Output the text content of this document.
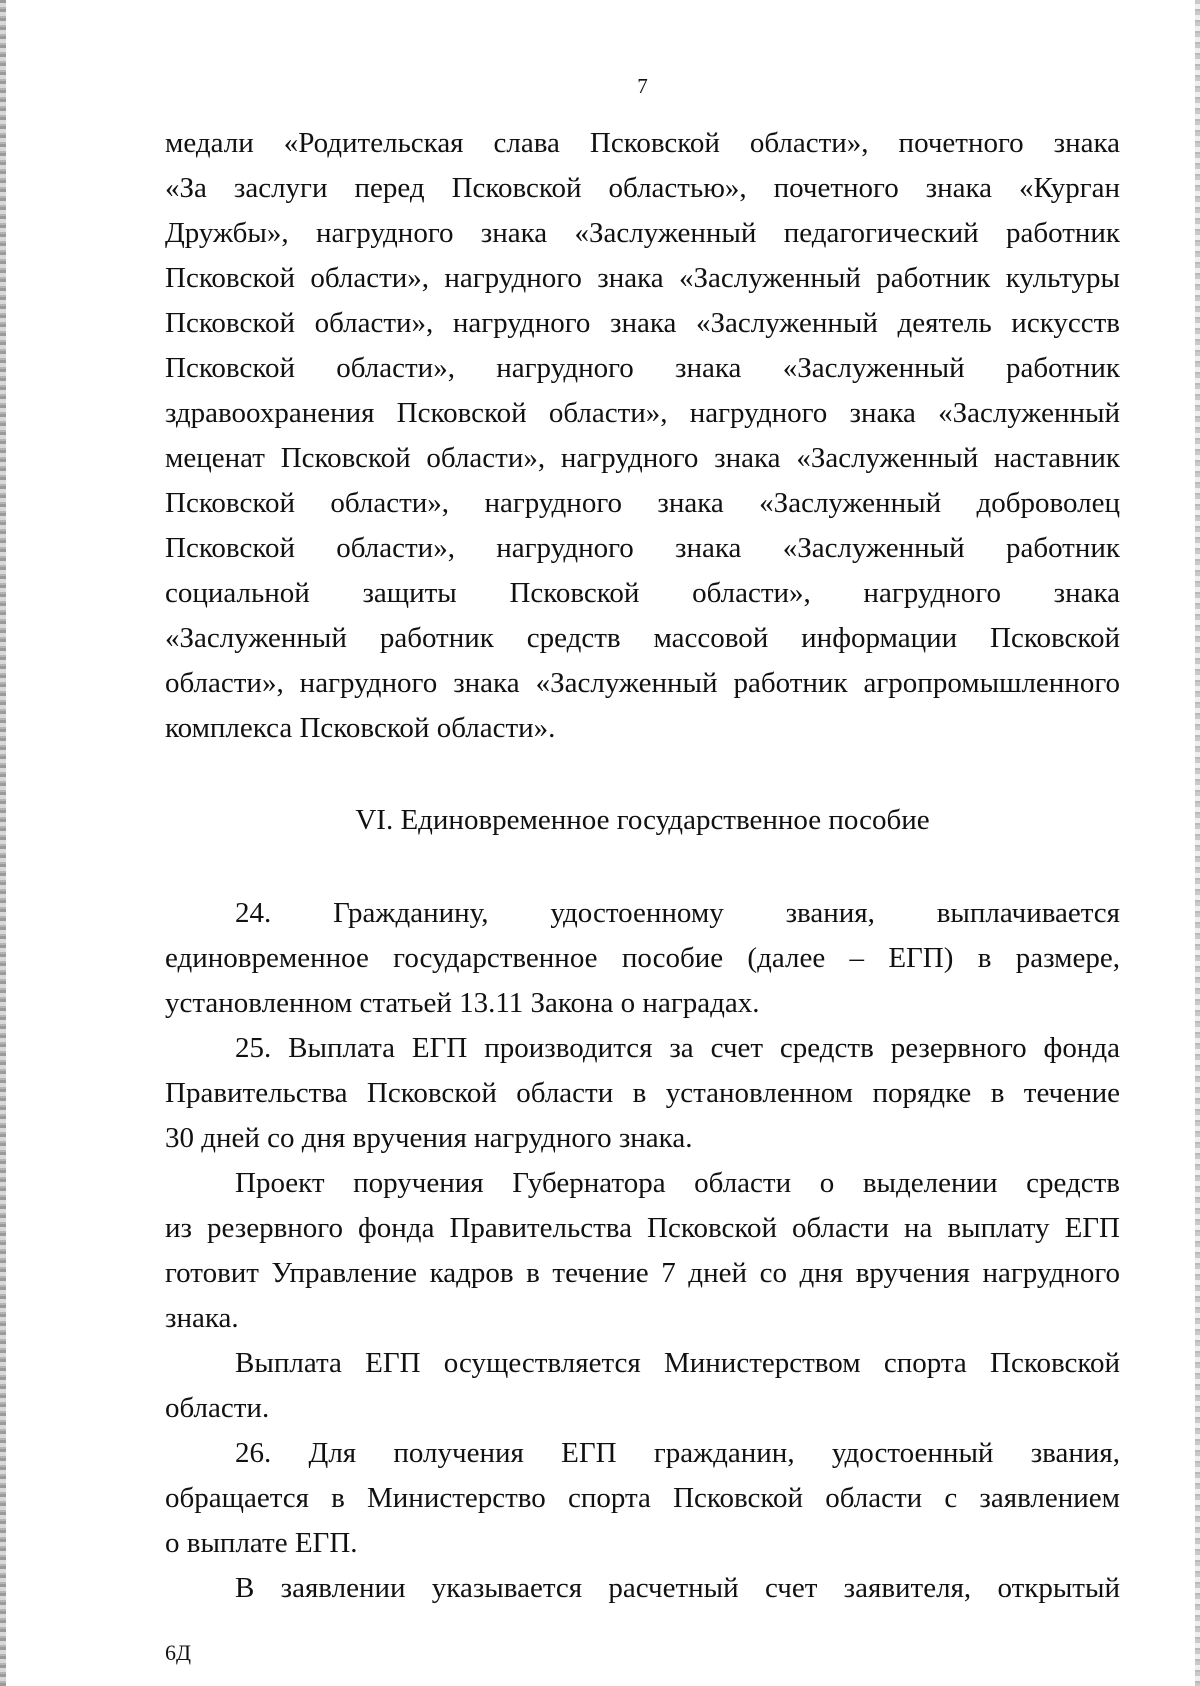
7
медали «Родительская слава Псковской области», почетного знака
«За заслуги перед Псковской областью», почетного знака «Курган
Дружбы», нагрудного знака «Заслуженный педагогический работник
Псковской области», нагрудного знака «Заслуженный работник культуры
Псковской области», нагрудного знака «Заслуженный деятель искусств
Псковской области», нагрудного знака «Заслуженный работник
здравоохранения Псковской области», нагрудного знака «Заслуженный
меценат Псковской области», нагрудного знака «Заслуженный наставник
Псковской области», нагрудного знака «Заслуженный доброволец
Псковской области», нагрудного знака «Заслуженный работник
социальной защиты Псковской области», нагрудного знака
«Заслуженный работник средств массовой информации Псковской
области», нагрудного знака «Заслуженный работник агропромышленного
комплекса Псковской области».
VI. Единовременное государственное пособие
24. Гражданину, удостоенному звания, выплачивается
единовременное государственное пособие (далее – ЕГП) в размере,
установленном статьей 13.11 Закона о наградах.
25. Выплата ЕГП производится за счет средств резервного фонда
Правительства Псковской области в установленном порядке в течение
30 дней со дня вручения нагрудного знака.
Проект поручения Губернатора области о выделении средств
из резервного фонда Правительства Псковской области на выплату ЕГП
готовит Управление кадров в течение 7 дней со дня вручения нагрудного
знака.
Выплата ЕГП осуществляется Министерством спорта Псковской
области.
26. Для получения ЕГП гражданин, удостоенный звания,
обращается в Министерство спорта Псковской области с заявлением
о выплате ЕГП.
В заявлении указывается расчетный счет заявителя, открытый
6Д
